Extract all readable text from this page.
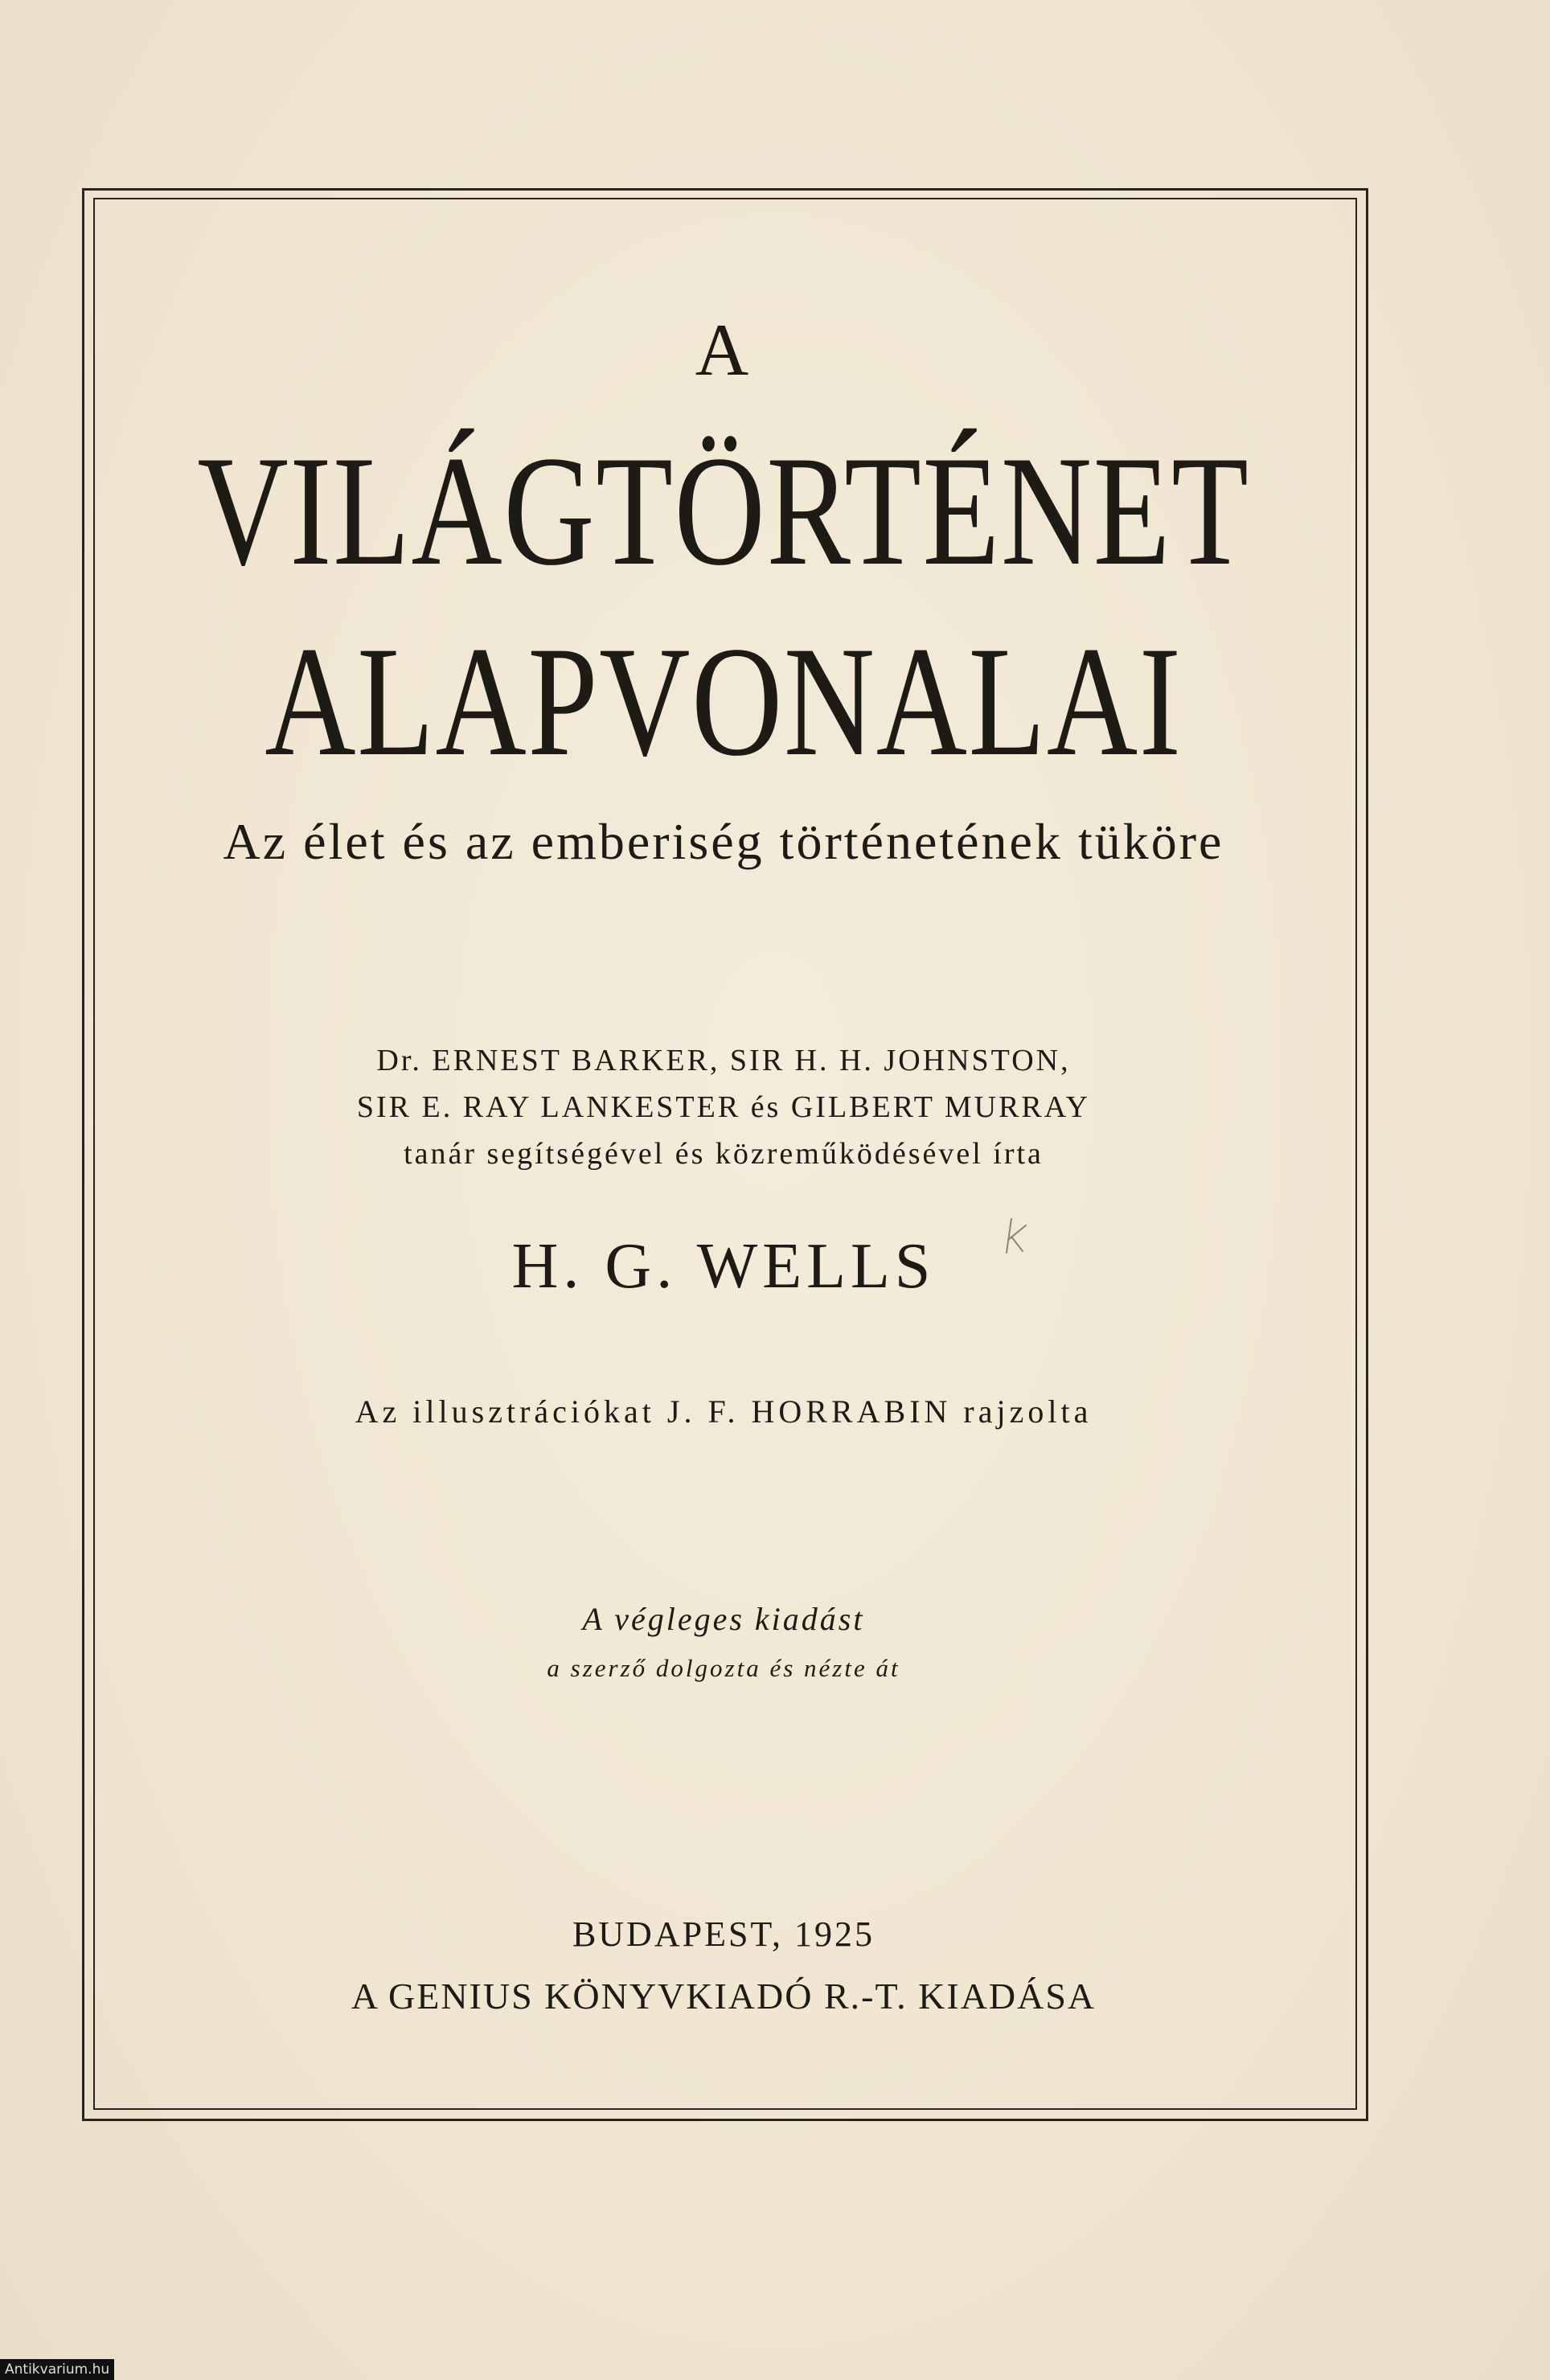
A
VILÁGTÖRTÉNET
ALAPVONALAI
Az élet és az emberiség történetének tüköre
Dr. ERNEST BARKER, SIR H. H. JOHNSTON,
SIR E. RAY LANKESTER és GILBERT MURRAY
tanár segítségével és közreműködésével írta
H. G. WELLS
Az illusztrációkat J. F. HORRABIN rajzolta
A végleges kiadást
a szerző dolgozta és nézte át
BUDAPEST, 1925
A GENIUS KÖNYVKIADÓ R.-T. KIADÁSA
Antikvarium.hu
